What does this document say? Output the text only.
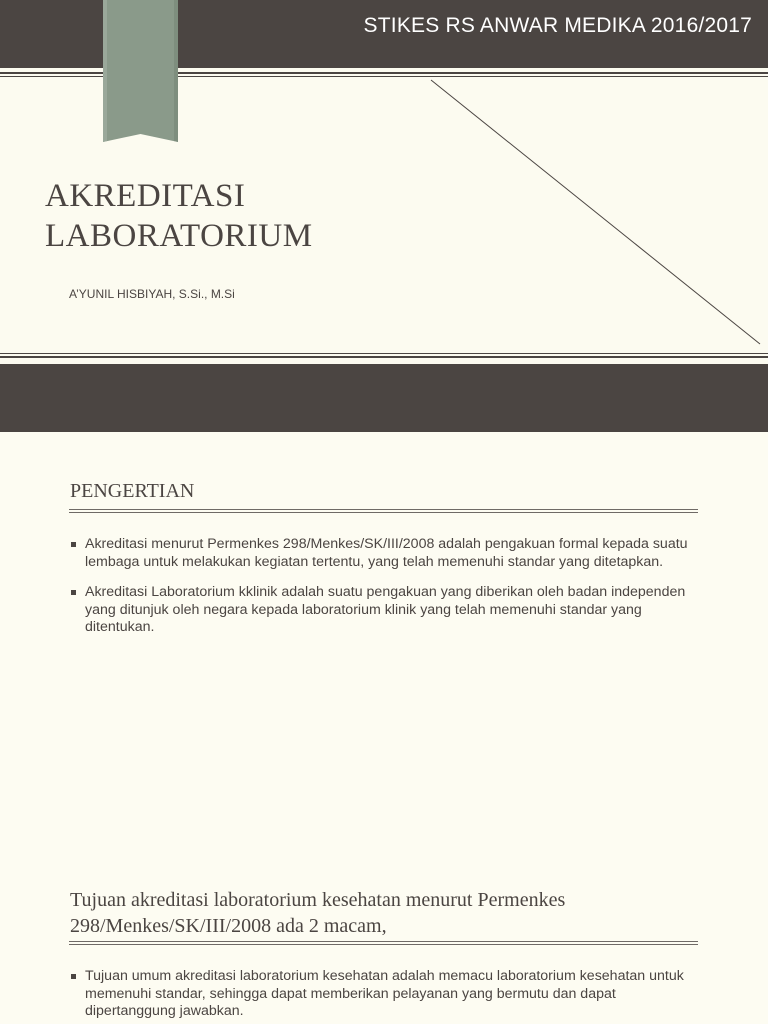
STIKES RS ANWAR MEDIKA 2016/2017
AKREDITASI
LABORATORIUM
A’YUNIL HISBIYAH, S.Si., M.Si
PENGERTIAN
Akreditasi menurut Permenkes 298/Menkes/SK/III/2008 adalah pengakuan formal kepada suatu lembaga untuk melakukan kegiatan tertentu, yang telah memenuhi standar yang ditetapkan.
Akreditasi Laboratorium kklinik adalah suatu pengakuan yang diberikan oleh badan independen yang ditunjuk oleh negara kepada laboratorium klinik yang telah memenuhi standar yang ditentukan.
Tujuan akreditasi laboratorium kesehatan menurut Permenkes
298/Menkes/SK/III/2008 ada 2 macam,
Tujuan umum akreditasi laboratorium kesehatan adalah memacu laboratorium kesehatan untuk memenuhi standar, sehingga dapat memberikan pelayanan yang bermutu dan dapat dipertanggung jawabkan.
